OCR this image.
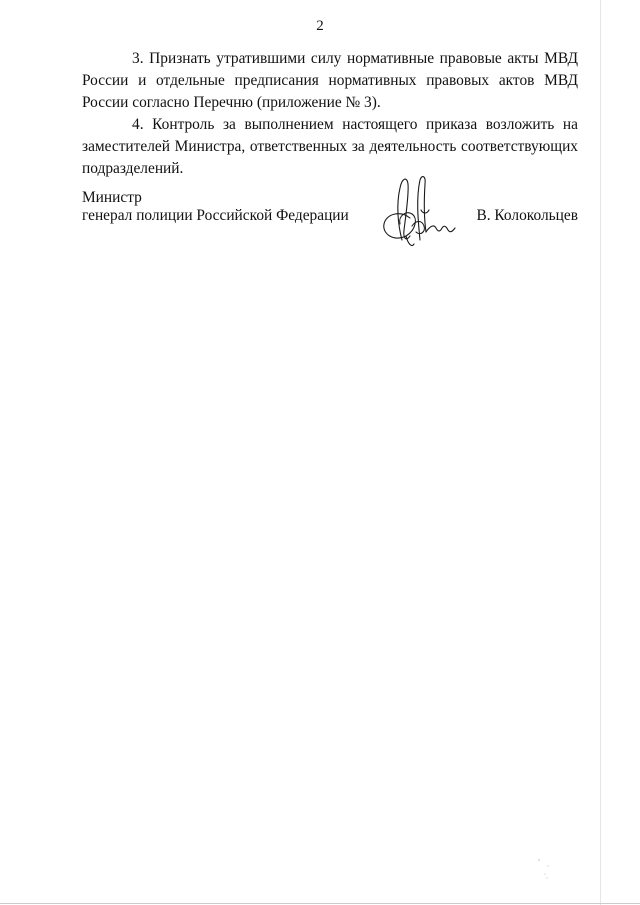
2

3. Признать утратившими силу нормативные правовые акты МВД России и отдельные предписания нормативных правовых актов МВД России согласно Перечню (приложение № 3).

4. Контроль за выполнением настоящего приказа возложить на заместителей Министра, ответственных за деятельность соответствующих подразделений.

Министр
генерал полиции Российской Федерации	В. Колокольцев
